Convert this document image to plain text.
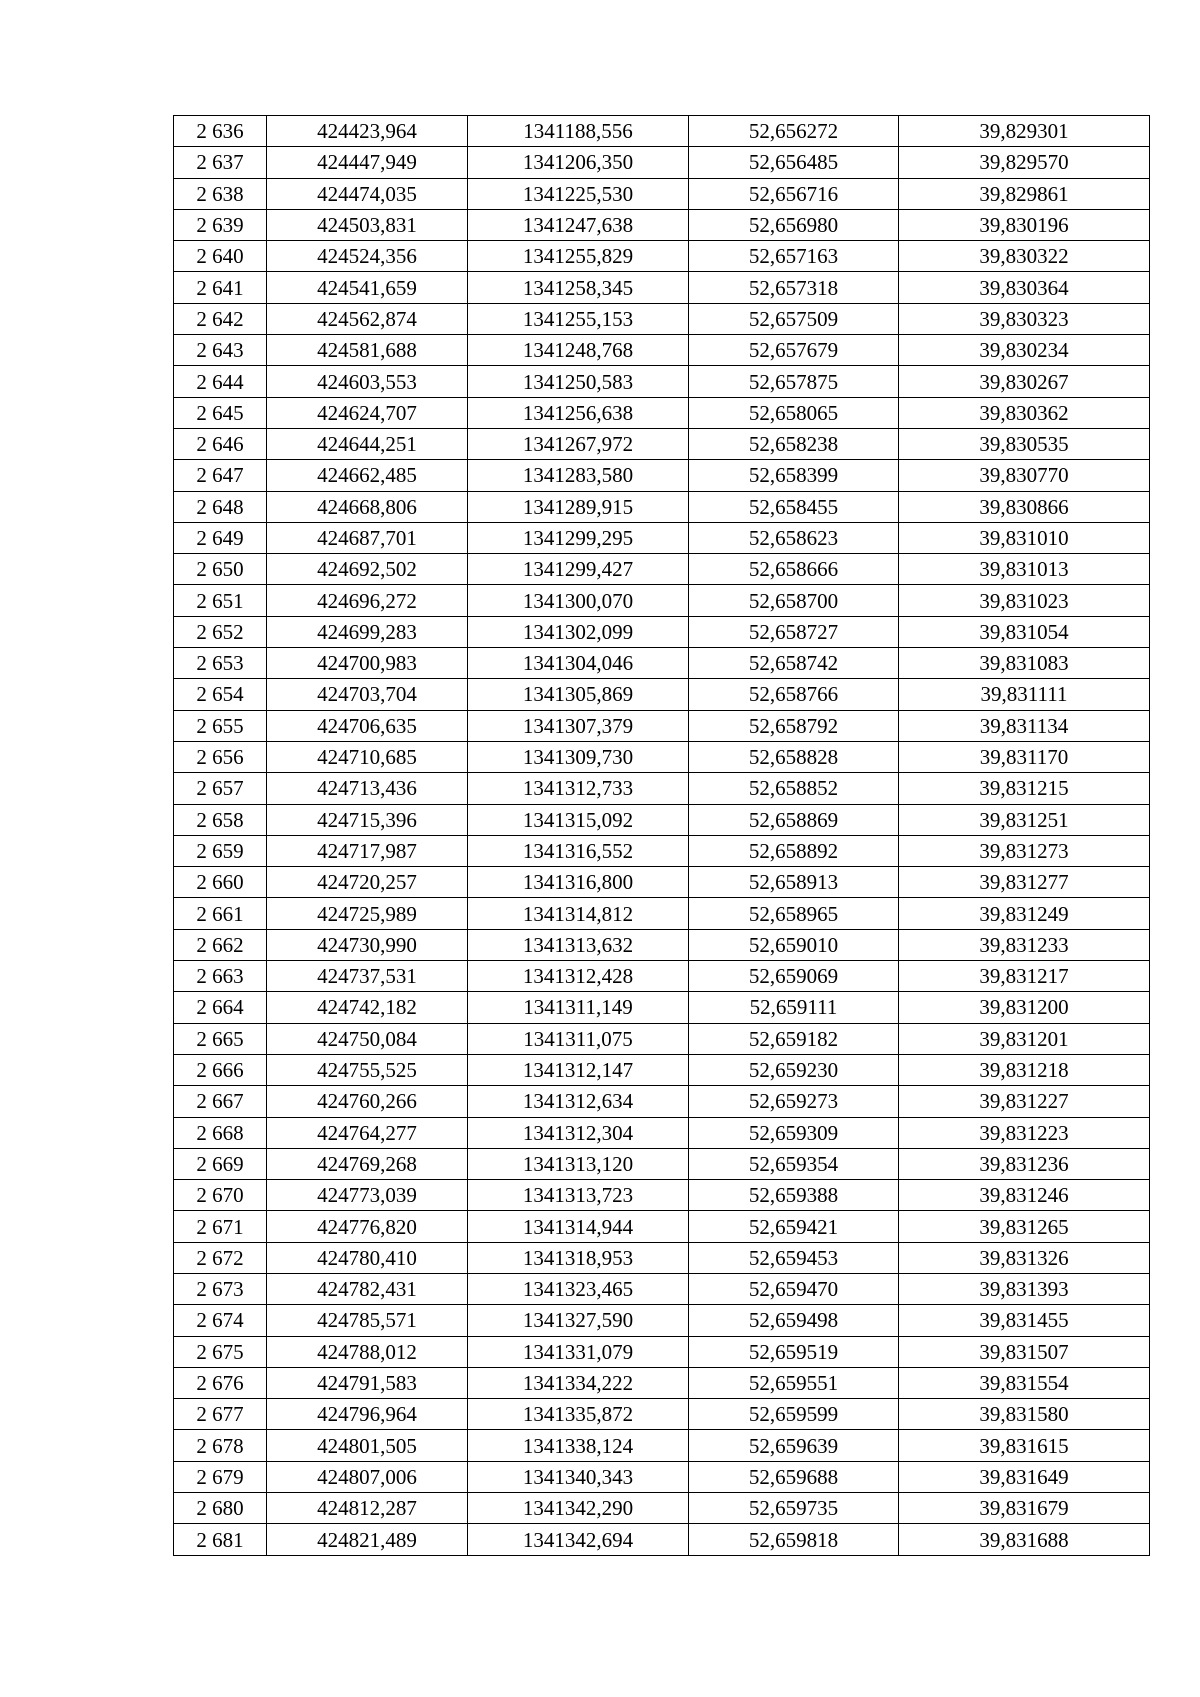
2 636	424423,964	1341188,556	52,656272	39,829301
2 637	424447,949	1341206,350	52,656485	39,829570
2 638	424474,035	1341225,530	52,656716	39,829861
2 639	424503,831	1341247,638	52,656980	39,830196
2 640	424524,356	1341255,829	52,657163	39,830322
2 641	424541,659	1341258,345	52,657318	39,830364
2 642	424562,874	1341255,153	52,657509	39,830323
2 643	424581,688	1341248,768	52,657679	39,830234
2 644	424603,553	1341250,583	52,657875	39,830267
2 645	424624,707	1341256,638	52,658065	39,830362
2 646	424644,251	1341267,972	52,658238	39,830535
2 647	424662,485	1341283,580	52,658399	39,830770
2 648	424668,806	1341289,915	52,658455	39,830866
2 649	424687,701	1341299,295	52,658623	39,831010
2 650	424692,502	1341299,427	52,658666	39,831013
2 651	424696,272	1341300,070	52,658700	39,831023
2 652	424699,283	1341302,099	52,658727	39,831054
2 653	424700,983	1341304,046	52,658742	39,831083
2 654	424703,704	1341305,869	52,658766	39,831111
2 655	424706,635	1341307,379	52,658792	39,831134
2 656	424710,685	1341309,730	52,658828	39,831170
2 657	424713,436	1341312,733	52,658852	39,831215
2 658	424715,396	1341315,092	52,658869	39,831251
2 659	424717,987	1341316,552	52,658892	39,831273
2 660	424720,257	1341316,800	52,658913	39,831277
2 661	424725,989	1341314,812	52,658965	39,831249
2 662	424730,990	1341313,632	52,659010	39,831233
2 663	424737,531	1341312,428	52,659069	39,831217
2 664	424742,182	1341311,149	52,659111	39,831200
2 665	424750,084	1341311,075	52,659182	39,831201
2 666	424755,525	1341312,147	52,659230	39,831218
2 667	424760,266	1341312,634	52,659273	39,831227
2 668	424764,277	1341312,304	52,659309	39,831223
2 669	424769,268	1341313,120	52,659354	39,831236
2 670	424773,039	1341313,723	52,659388	39,831246
2 671	424776,820	1341314,944	52,659421	39,831265
2 672	424780,410	1341318,953	52,659453	39,831326
2 673	424782,431	1341323,465	52,659470	39,831393
2 674	424785,571	1341327,590	52,659498	39,831455
2 675	424788,012	1341331,079	52,659519	39,831507
2 676	424791,583	1341334,222	52,659551	39,831554
2 677	424796,964	1341335,872	52,659599	39,831580
2 678	424801,505	1341338,124	52,659639	39,831615
2 679	424807,006	1341340,343	52,659688	39,831649
2 680	424812,287	1341342,290	52,659735	39,831679
2 681	424821,489	1341342,694	52,659818	39,831688
